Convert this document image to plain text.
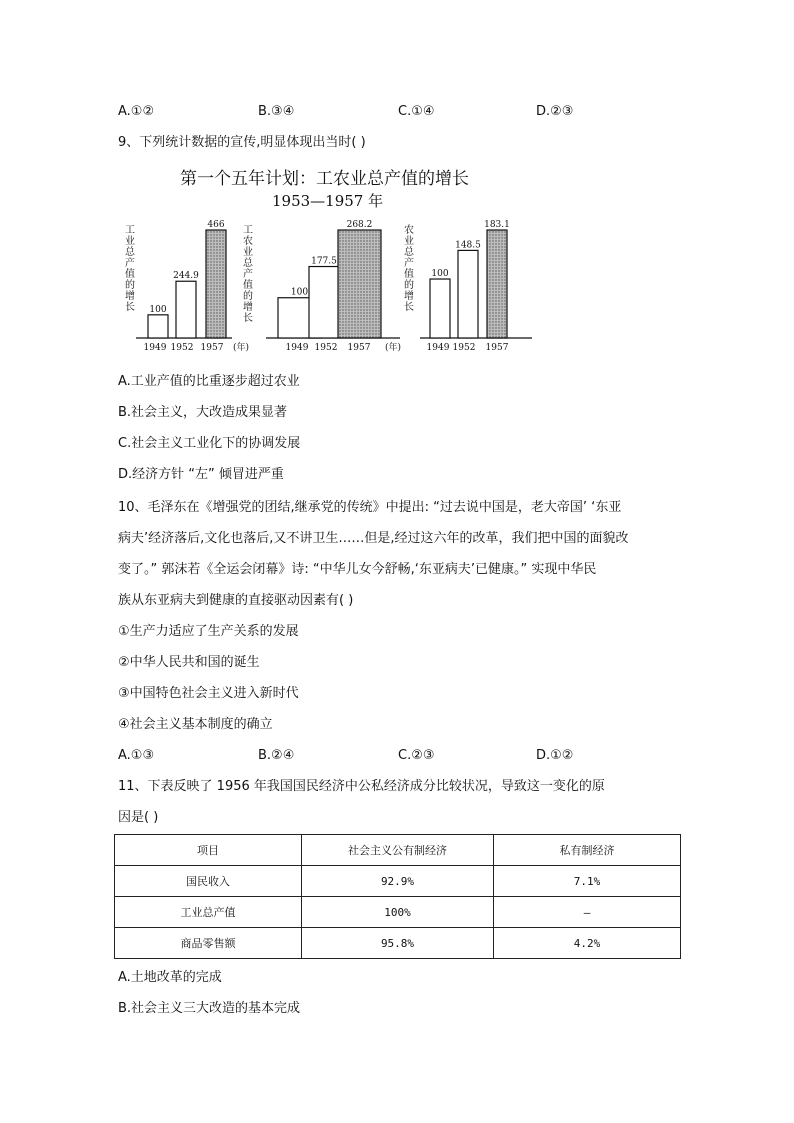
A.①②	B.③④	C.①④	D.②③
9、下列统计数据的宣传,明显体现出当时( )
第一个五年计划：工农业总产值的增长
1953—1957 年
工
业
总
产
值
的
增
长 100
1949
244.9
1952
466
1957 (年)
工
农
业
总
产
值
的
增
长
100
1949
177.5
1952
268.2
1957 (年)
农
业
总
产
值
的
增
长
100
1949
148.5
1952
183.1
1957
A.工业产值的比重逐步超过农业
B.社会主义，大改造成果显著
C.社会主义工业化下的协调发展
D.经济方针 “左” 倾冒进严重
10、毛泽东在《增强党的团结,继承党的传统》中提出: “过去说中国是，老大帝国’ ‘东亚
病夫’经济落后,文化也落后,又不讲卫生……但是,经过这六年的改革，我们把中国的面貌改
变了。” 郭沫若《全运会闭幕》诗: “中华儿女今舒畅,‘东亚病夫’已健康。” 实现中华民
族从东亚病夫到健康的直接驱动因素有( )
①生产力适应了生产关系的发展
②中华人民共和国的诞生
③中国特色社会主义进入新时代
④社会主义基本制度的确立
A.①③	B.②④	C.②③	D.①②
11、下表反映了 1956 年我国国民经济中公私经济成分比较状况，导致这一变化的原
因是( )
项目	社会主义公有制经济	私有制经济
国民收入	92.9%	7.1%
工业总产值	100%	—
商品零售额	95.8%	4.2%
A.土地改革的完成
B.社会主义三大改造的基本完成
